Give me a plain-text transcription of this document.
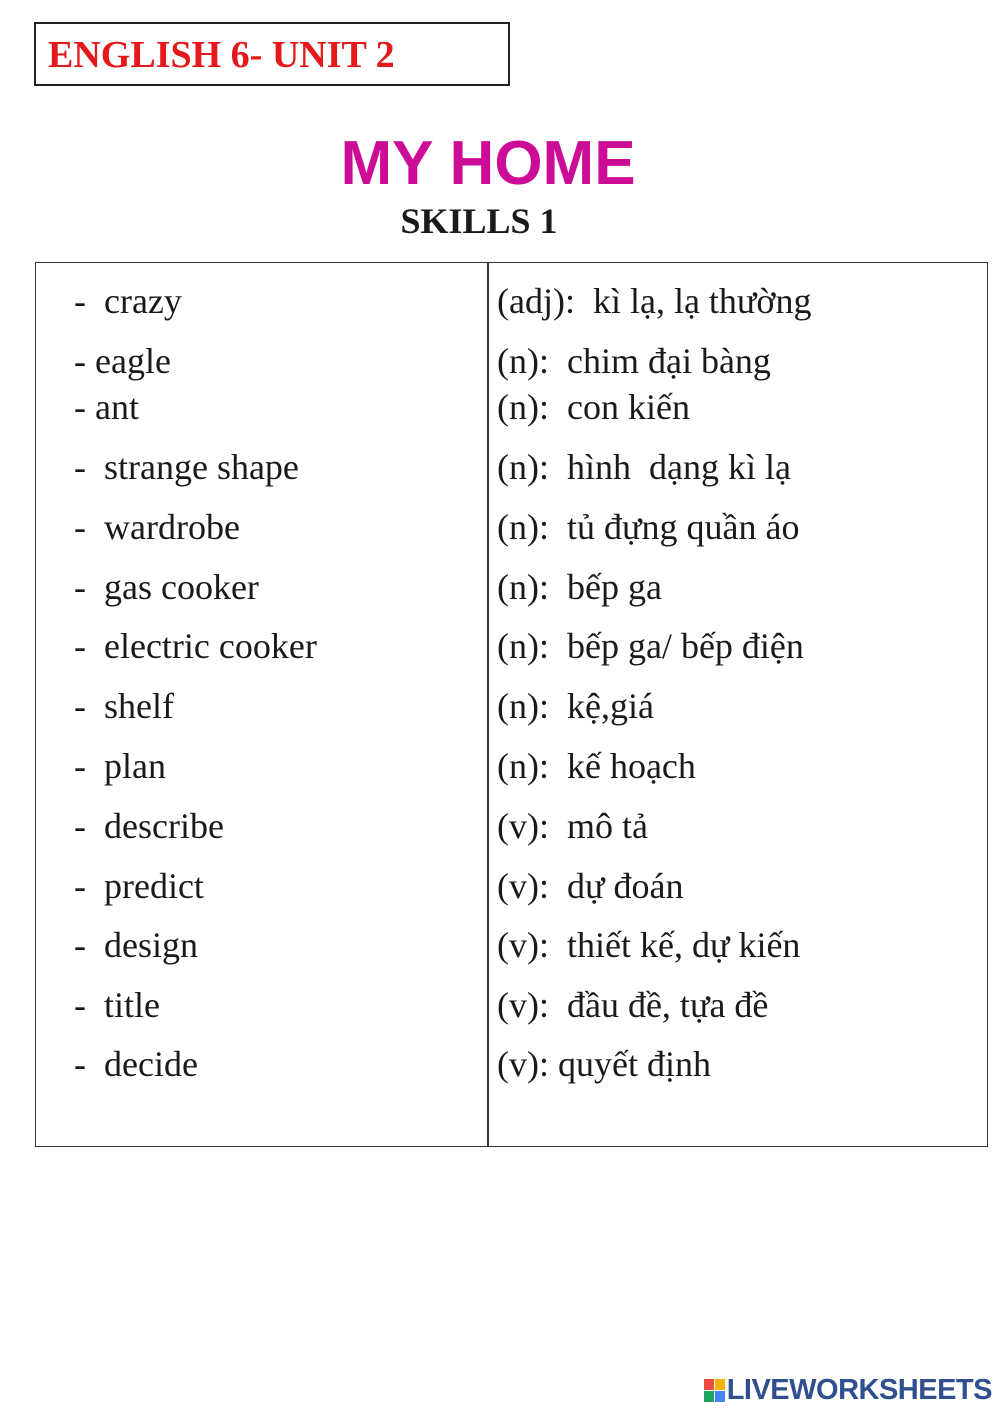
ENGLISH 6- UNIT 2
MY HOME
SKILLS 1
-  crazy	(adj):  kì lạ, lạ thường
- eagle	(n):  chim đại bàng
- ant	(n):  con kiến
-  strange shape	(n):  hình  dạng kì lạ
-  wardrobe	(n):  tủ đựng quần áo
-  gas cooker	(n):  bếp ga
-  electric cooker	(n):  bếp ga/ bếp điện
-  shelf	(n):  kệ,giá
-  plan	(n):  kế hoạch
-  describe	(v):  mô tả
-  predict	(v):  dự đoán
-  design	(v):  thiết kế, dự kiến
-  title	(v):  đầu đề, tựa đề
-  decide	(v): quyết định
LIVEWORKSHEETS
